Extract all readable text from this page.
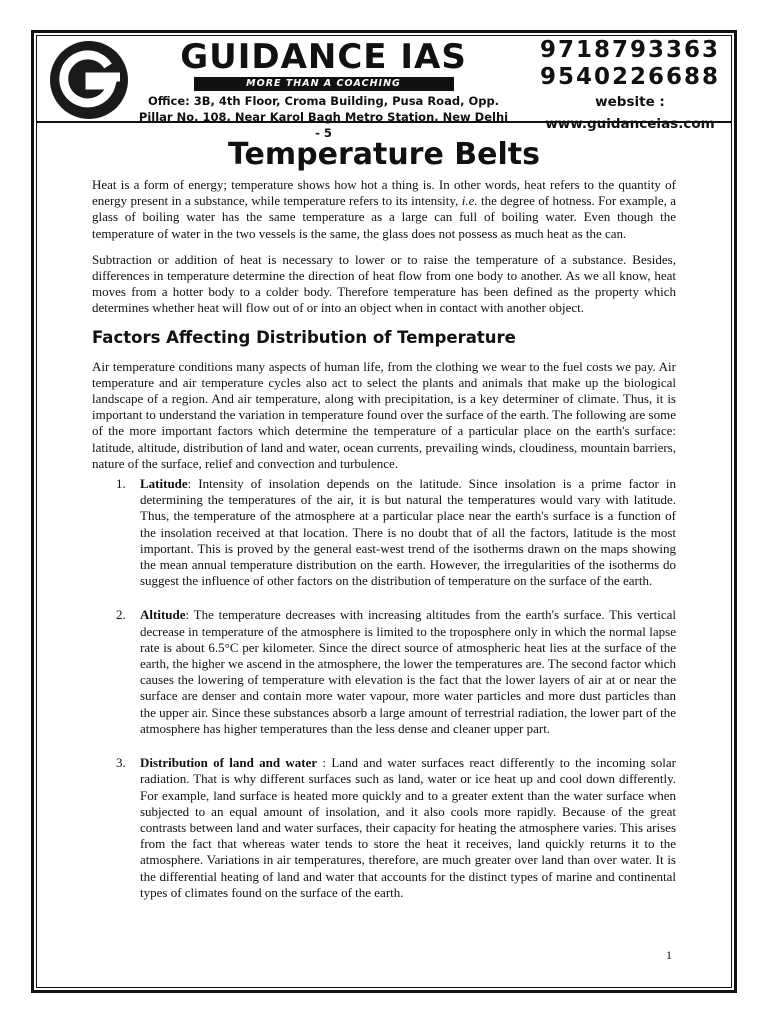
GUIDANCE IAS
MORE THAN A COACHING
Office: 3B, 4th Floor, Croma Building, Pusa Road, Opp.
Pillar No. 108, Near Karol Bagh Metro Station, New Delhi - 5
9718793363
9540226688
website : www.guidanceias.com
Temperature Belts

Heat is a form of energy; temperature shows how hot a thing is. In other words, heat refers to the quantity of energy present in a substance, while temperature refers to its intensity, i.e. the degree of hotness. For example, a glass of boiling water has the same temperature as a large can full of boiling water. Even though the temperature of water in the two vessels is the same, the glass does not possess as much heat as the can.

Subtraction or addition of heat is necessary to lower or to raise the temperature of a substance. Besides, differences in temperature determine the direction of heat flow from one body to another. As we all know, heat moves from a hotter body to a colder body. Therefore temperature has been defined as the property which determines whether heat will flow out of or into an object when in contact with another object.

Factors Affecting Distribution of Temperature

Air temperature conditions many aspects of human life, from the clothing we wear to the fuel costs we pay. Air temperature and air temperature cycles also act to select the plants and animals that make up the biological landscape of a region. And air temperature, along with precipitation, is a key determiner of climate. Thus, it is important to understand the variation in temperature found over the surface of the earth. The following are some of the more important factors which determine the temperature of a particular place on the earth's surface: latitude, altitude, distribution of land and water, ocean currents, prevailing winds, cloudiness, mountain barriers, nature of the surface, relief and convection and turbulence.

1. Latitude: Intensity of insolation depends on the latitude. Since insolation is a prime factor in determining the temperatures of the air, it is but natural the temperatures would vary with latitude. Thus, the temperature of the atmosphere at a particular place near the earth's surface is a function of the insolation received at that location. There is no doubt that of all the factors, latitude is the most important. This is proved by the general east-west trend of the isotherms drawn on the maps showing the mean annual temperature distribution on the earth. However, the irregularities of the isotherms do suggest the influence of other factors on the distribution of temperature on the surface of the earth.
2. Altitude: The temperature decreases with increasing altitudes from the earth's surface. This vertical decrease in temperature of the atmosphere is limited to the troposphere only in which the normal lapse rate is about 6.5°C per kilometer. Since the direct source of atmospheric heat lies at the surface of the earth, the higher we ascend in the atmosphere, the lower the temperatures are. The second factor which causes the lowering of temperature with elevation is the fact that the lower layers of air at or near the surface are denser and contain more water vapour, more water particles and more dust particles than the upper air. Since these substances absorb a large amount of terrestrial radiation, the lower part of the atmosphere has higher temperatures than the less dense and cleaner upper part.
3. Distribution of land and water : Land and water surfaces react differently to the incoming solar radiation. That is why different surfaces such as land, water or ice heat up and cool down differently. For example, land surface is heated more quickly and to a greater extent than the water surface when subjected to an equal amount of insolation, and it also cools more rapidly. Because of the great contrasts between land and water surfaces, their capacity for heating the atmosphere varies. This arises from the fact that whereas water tends to store the heat it receives, land quickly returns it to the atmosphere. Variations in air temperatures, therefore, are much greater over land than over water. It is the differential heating of land and water that accounts for the distinct types of marine and continental types of climates found on the surface of the earth.
1
